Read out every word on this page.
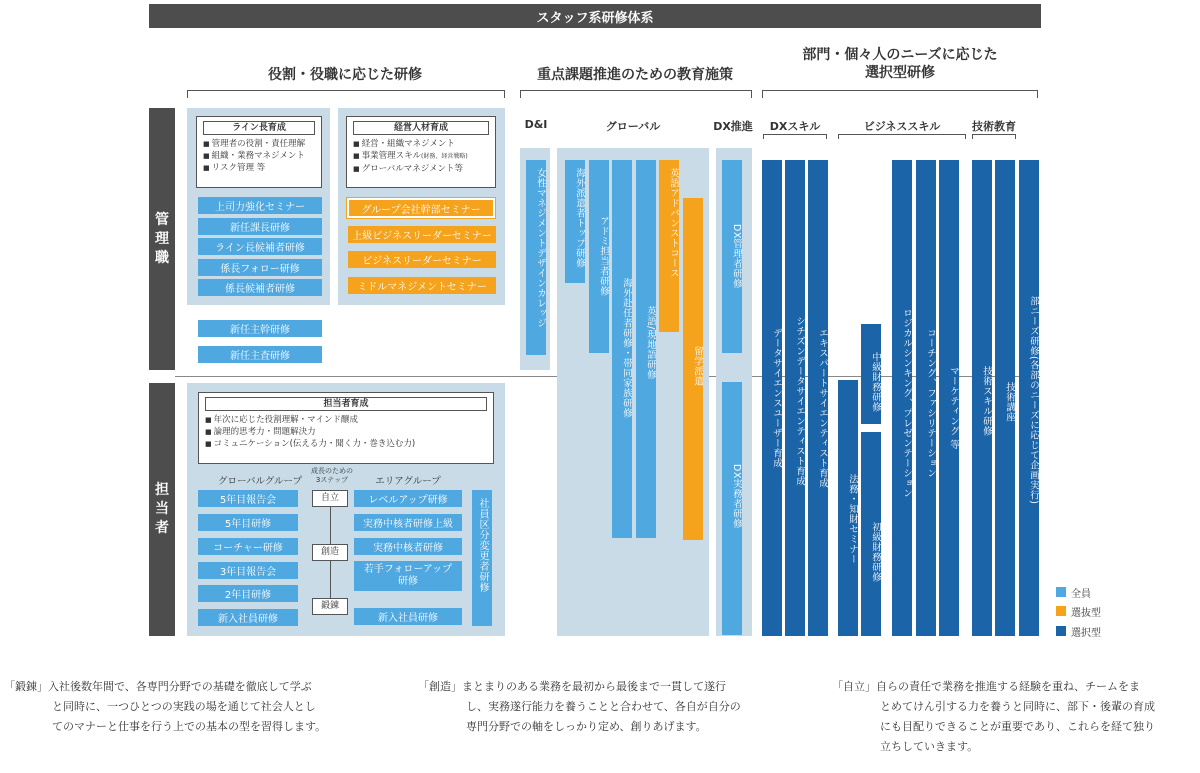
スタッフ系研修体系
役割・役職に応じた研修	重点課題推進のための教育施策
部門・個々人のニーズに応じた
選択型研修
管
理
職
担
当
者
ライン長育成
■ 管理者の役割・責任理解
■ 組織・業務マネジメント
■ リスク管理 等
上司力強化セミナー
新任課長研修
ライン長候補者研修
係長フォロー研修
係長候補者研修
経営人材育成
■ 経営・組織マネジメント
■ 事業管理スキル(財務、経営戦略)
■ グローバルマネジメント等
グループ会社幹部セミナー
上級ビジネスリーダーセミナー
ビジネスリーダーセミナー
ミドルマネジメントセミナー
新任主幹研修
新任主査研修
担当者育成
■ 年次に応じた役割理解・マインド醸成
■ 論理的思考力・問題解決力
■ コミュニケーション(伝える力・聞く力・巻き込む力)
グローバルグループ
成長のための
3ステップ	エリアグループ
5年目報告会
5年目研修
コーチャー研修
3年目報告会
2年目研修
新入社員研修
自立
創造
鍛錬
レベルアップ研修
実務中核者研修上級
実務中核者研修
若手フォローアップ
研修
新入社員研修
社員区分変更者研修
D&I	グローバル	DX推進
女性マネジメントデザインカレッジ	海外派遣者トップ研修 アドミ担当者研修
海外赴任者研修・帯同家族研修 英語/現地語研修
英語アドバンストコース
留学派遣
DX管理者研修
DX実務者研修
DXスキル	ビジネススキル	技術教育
データサイエンスユーザー育成 シチズンデータサイエンティスト育成 エキスパートサイエンティスト育成
法務・知財セミナー
中級財務研修
初級財務研修
ロジカルシンキング、プレゼンテーション コーチング、ファシリテーション マーケティング 等 技術スキル研修 技術講座 部ニーズ研修(各部のニーズに応じて企画実行)
全員
選抜型
選択型
「鍛錬」入社後数年間で、各専門分野での基礎を徹底して学ぶ
と同時に、一つひとつの実践の場を通じて社会人とし
てのマナーと仕事を行う上での基本の型を習得します。
「創造」まとまりのある業務を最初から最後まで一貫して遂行
し、実務遂行能力を養うことと合わせて、各自が自分の
専門分野での軸をしっかり定め、創りあげます。
「自立」自らの責任で業務を推進する経験を重ね、チームをま
とめてけん引する力を養うと同時に、部下・後輩の育成
にも目配りできることが重要であり、これらを経て独り
立ちしていきます。
